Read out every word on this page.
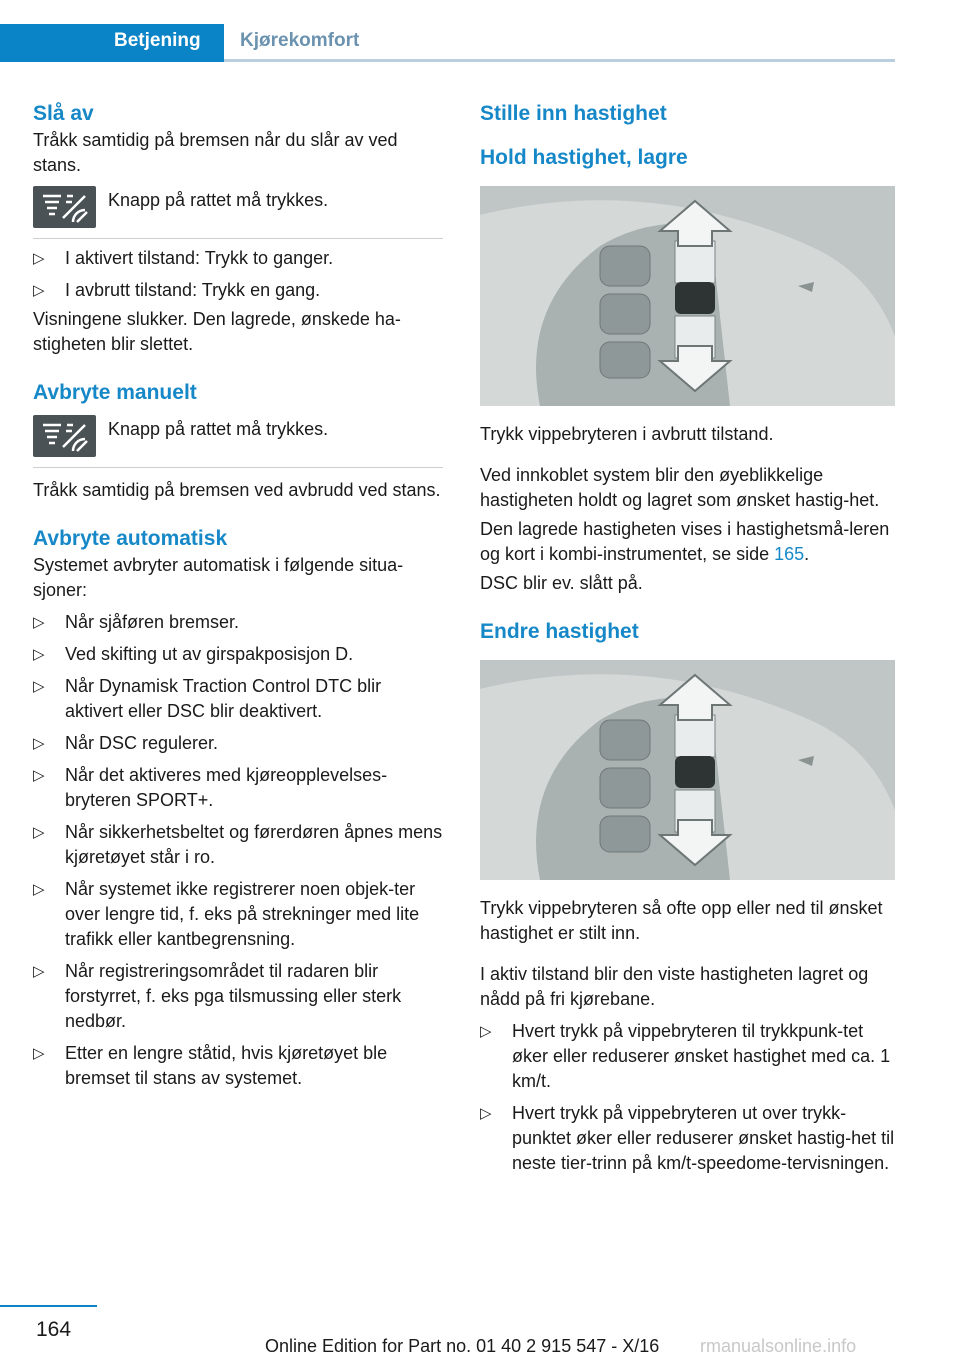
Betjening Kjørekomfort
Slå av

Tråkk samtidig på bremsen når du slår av ved stans.

Knapp på rattet må trykkes.
▷ I aktivert tilstand: Trykk to ganger.
▷ I avbrutt tilstand: Trykk en gang.

Visningene slukker. Den lagrede, ønskede ha-stigheten blir slettet.

Avbryte manuelt
Knapp på rattet må trykkes.

Tråkk samtidig på bremsen ved avbrudd ved stans.

Avbryte automatisk

Systemet avbryter automatisk i følgende situa-sjoner:

▷ Når sjåføren bremser.
▷ Ved skifting ut av girspakposisjon D.
▷ Når Dynamisk Traction Control DTC blir aktivert eller DSC blir deaktivert.
▷ Når DSC regulerer.
▷ Når det aktiveres med kjøreopplevelses-bryteren SPORT+.
▷ Når sikkerhetsbeltet og førerdøren åpnes mens kjøretøyet står i ro.
▷ Når systemet ikke registrerer noen objek-ter over lengre tid, f. eks på strekninger med lite trafikk eller kantbegrensning.
▷ Når registreringsområdet til radaren blir forstyrret, f. eks pga tilsmussing eller sterk nedbør.
▷ Etter en lengre ståtid, hvis kjøretøyet ble bremset til stans av systemet.
Stille inn hastighet
Hold hastighet, lagre

Trykk vippebryteren i avbrutt tilstand.

Ved innkoblet system blir den øyeblikkelige hastigheten holdt og lagret som ønsket hastig-het.

Den lagrede hastigheten vises i hastighetsmå-leren og kort i kombi-instrumentet, se side 165.

DSC blir ev. slått på.

Endre hastighet

Trykk vippebryteren så ofte opp eller ned til ønsket hastighet er stilt inn.

I aktiv tilstand blir den viste hastigheten lagret og nådd på fri kjørebane.

▷ Hvert trykk på vippebryteren til trykkpunk-tet øker eller reduserer ønsket hastighet med ca. 1 km/t.
▷ Hvert trykk på vippebryteren ut over trykk-punktet øker eller reduserer ønsket hastig-het til neste tier-trinn på km/t-speedome-tervisningen.
164
Online Edition for Part no. 01 40 2 915 547 - X/16 rmanualsonline.info
